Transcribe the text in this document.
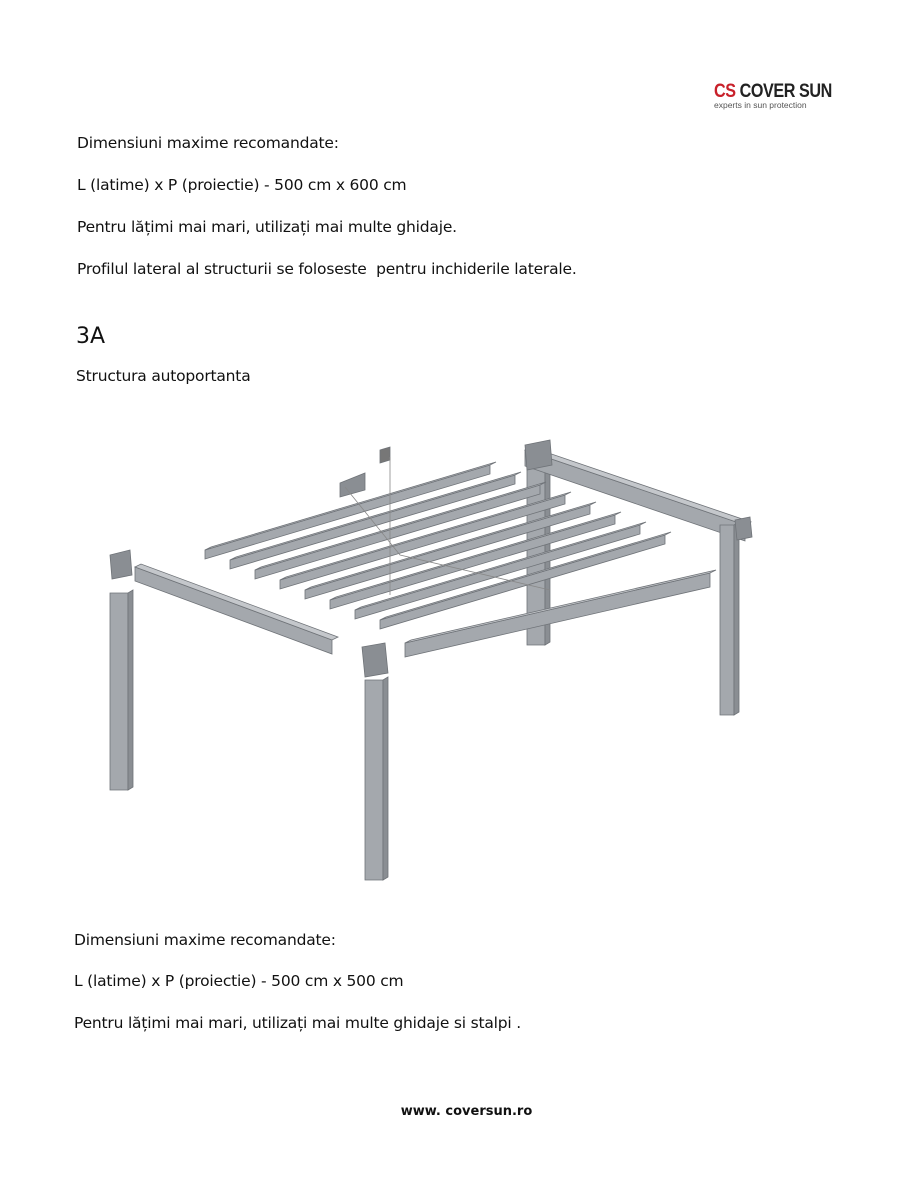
CS COVER SUN
experts in sun protection
Dimensiuni maxime recomandate:
L (latime) x P (proiectie) - 500 cm x 600 cm
Pentru lățimi mai mari, utilizați mai multe ghidaje.
Profilul lateral al structurii se foloseste  pentru inchiderile laterale.
3A
Structura autoportanta
Dimensiuni maxime recomandate:
L (latime) x P (proiectie) - 500 cm x 500 cm
Pentru lățimi mai mari, utilizați mai multe ghidaje si stalpi .
www. coversun.ro
